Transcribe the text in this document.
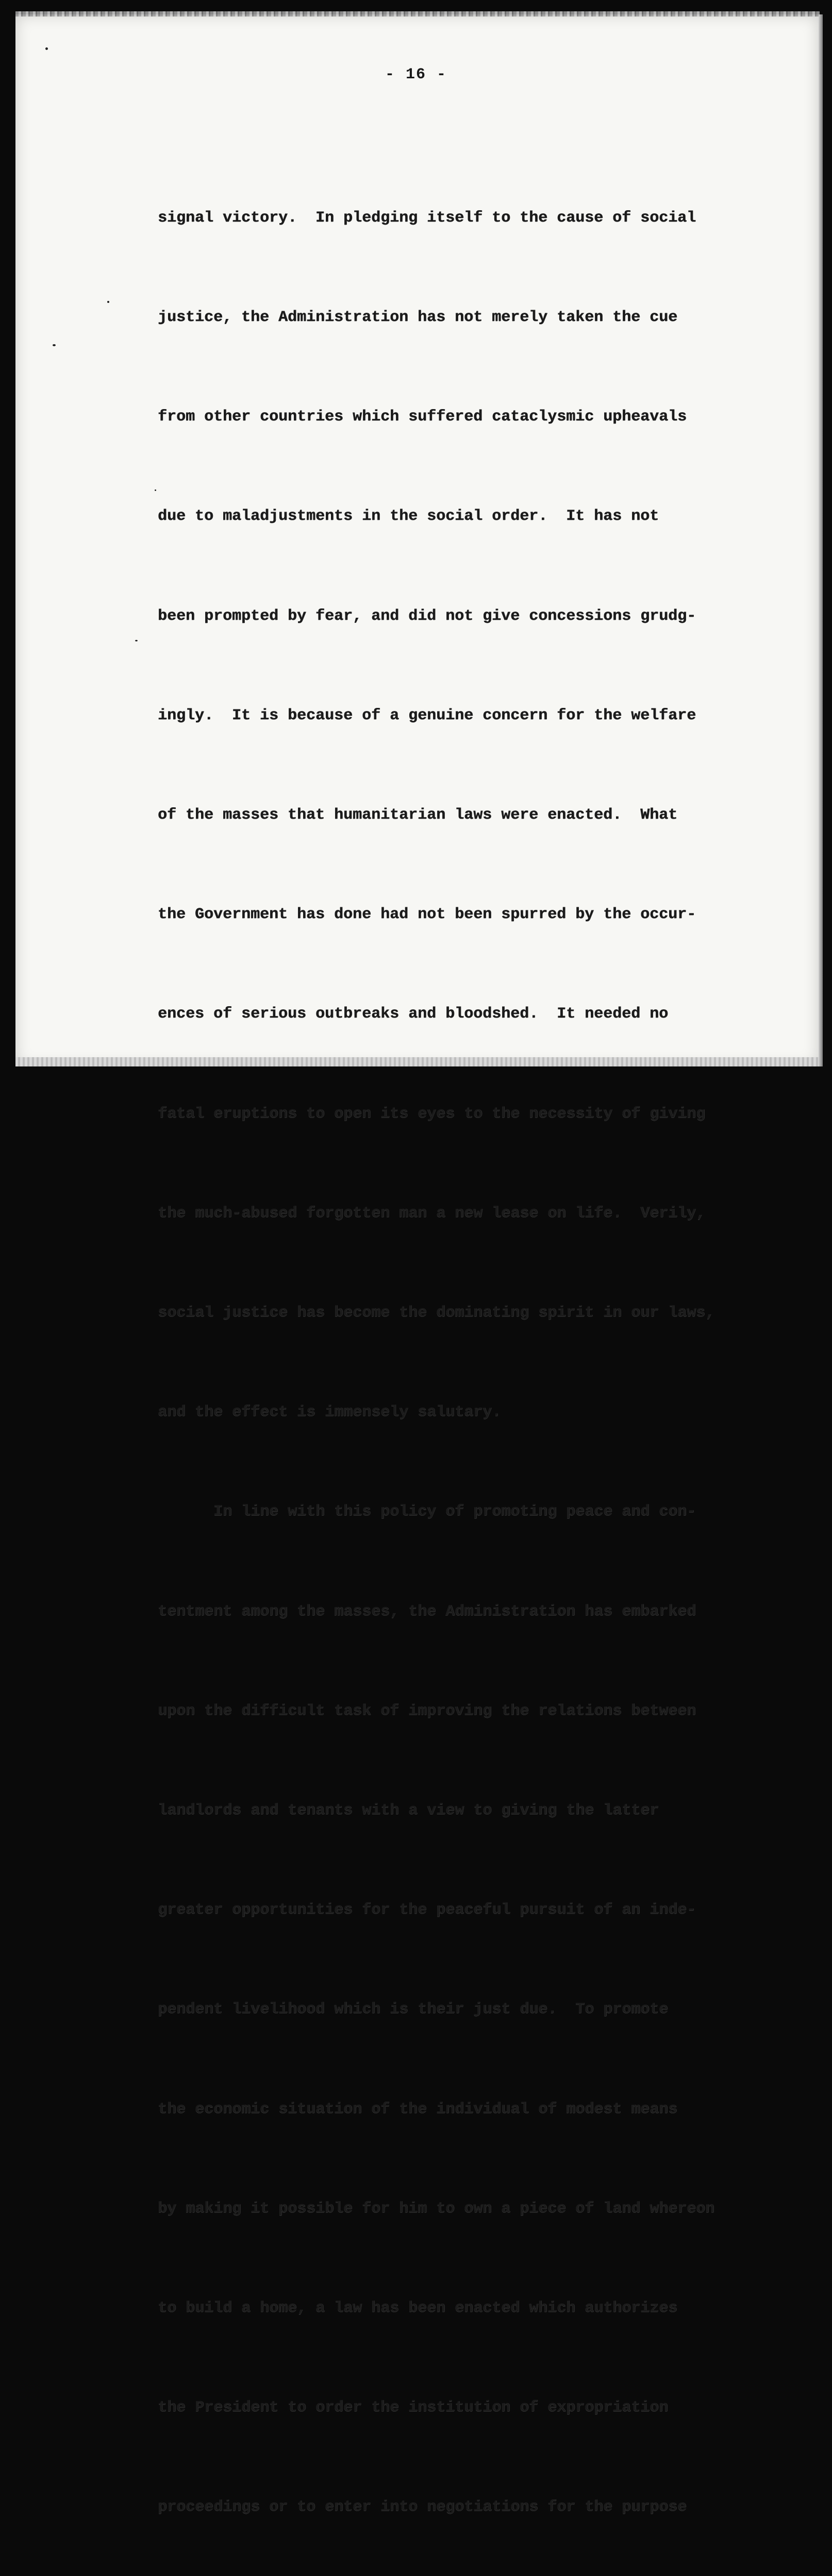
- 16 -

signal victory.  In pledging itself to the cause of social

justice, the Administration has not merely taken the cue

from other countries which suffered cataclysmic upheavals

due to maladjustments in the social order.  It has not

been prompted by fear, and did not give concessions grudg-

ingly.  It is because of a genuine concern for the welfare

of the masses that humanitarian laws were enacted.  What

the Government has done had not been spurred by the occur-

ences of serious outbreaks and bloodshed.  It needed no

fatal eruptions to open its eyes to the necessity of giving

the much-abused forgotten man a new lease on life.  Verily,

social justice has become the dominating spirit in our laws,

and the effect is immensely salutary.

In line with this policy of promoting peace and con-

tentment among the masses, the Administration has embarked

upon the difficult task of improving the relations between

landlords and tenants with a view to giving the latter

greater opportunities for the peaceful pursuit of an inde-

pendent livelihood which is their just due.  To promote

the economic situation of the individual of modest means

by making it possible for him to own a piece of land whereon

to build a home, a law has been enacted which authorizes

the President to order the institution of expropriation

proceedings or to enter into negotiations for the purpose
